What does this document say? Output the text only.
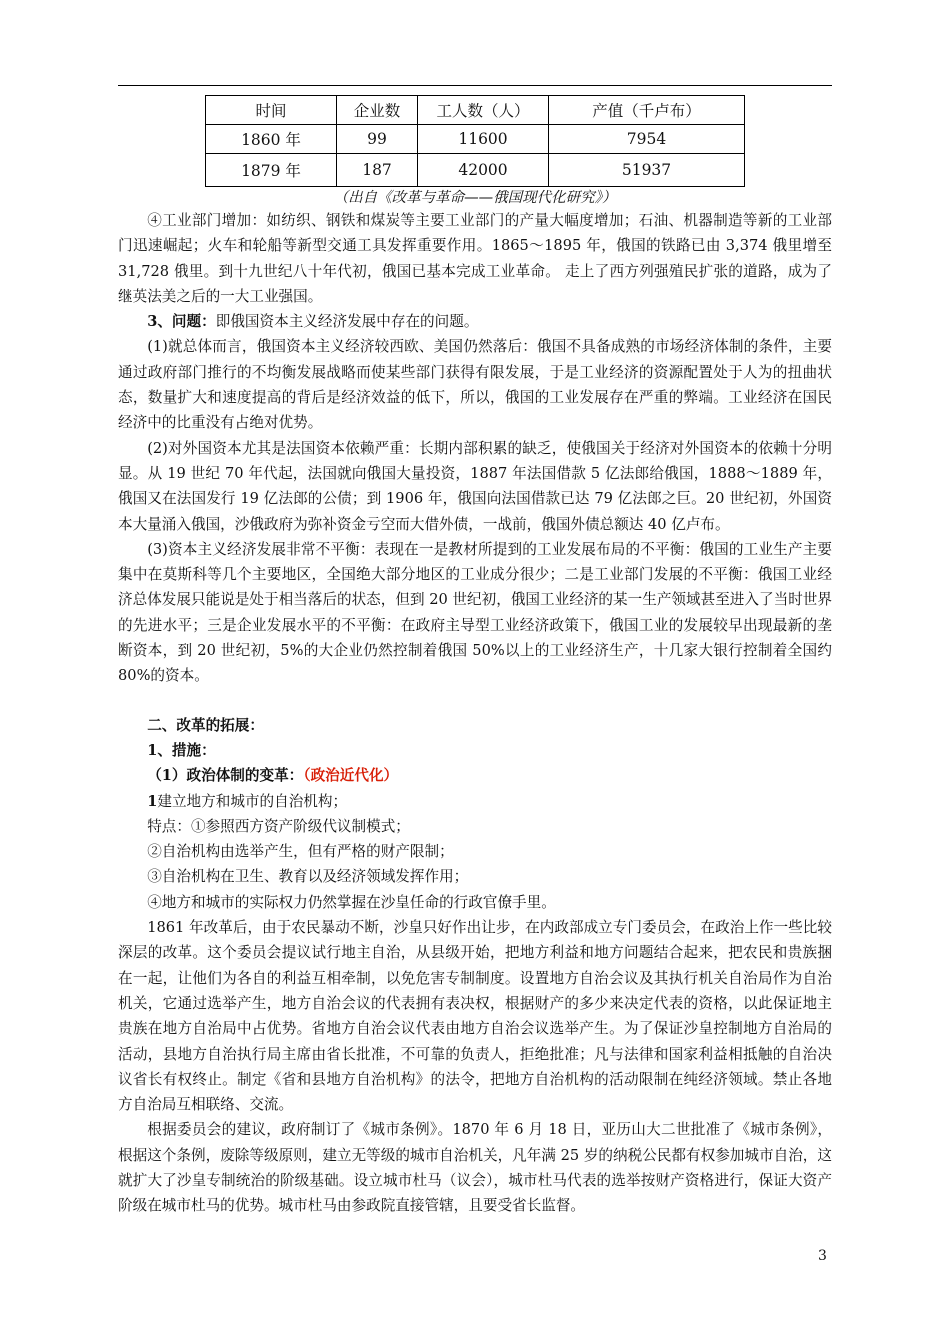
时间	企业数	工人数（人）	产值（千卢布）
1860 年	99	11600	7954
1879 年	187	42000	51937
（出自《改革与革命——俄国现代化研究》）

④工业部门增加：如纺织、钢铁和煤炭等主要工业部门的产量大幅度增加；石油、机器制造等新的工业部门迅速崛起；火车和轮船等新型交通工具发挥重要作用。1865～1895 年，俄国的铁路已由 3,374 俄里增至 31,728 俄里。到十九世纪八十年代初，俄国已基本完成工业革命。 走上了西方列强殖民扩张的道路，成为了继英法美之后的一大工业强国。

3、问题：即俄国资本主义经济发展中存在的问题。

(1)就总体而言，俄国资本主义经济较西欧、美国仍然落后：俄国不具备成熟的市场经济体制的条件，主要通过政府部门推行的不均衡发展战略而使某些部门获得有限发展，于是工业经济的资源配置处于人为的扭曲状态，数量扩大和速度提高的背后是经济效益的低下，所以，俄国的工业发展存在严重的弊端。工业经济在国民经济中的比重没有占绝对优势。

(2)对外国资本尤其是法国资本依赖严重：长期内部积累的缺乏，使俄国关于经济对外国资本的依赖十分明显。从 19 世纪 70 年代起，法国就向俄国大量投资，1887 年法国借款 5 亿法郎给俄国，1888～1889 年，俄国又在法国发行 19 亿法郎的公债；到 1906 年，俄国向法国借款已达 79 亿法郎之巨。20 世纪初，外国资本大量涌入俄国，沙俄政府为弥补资金亏空而大借外债，一战前，俄国外债总额达 40 亿卢布。

(3)资本主义经济发展非常不平衡：表现在一是教材所提到的工业发展布局的不平衡：俄国的工业生产主要集中在莫斯科等几个主要地区，全国绝大部分地区的工业成分很少；二是工业部门发展的不平衡：俄国工业经济总体发展只能说是处于相当落后的状态，但到 20 世纪初，俄国工业经济的某一生产领域甚至进入了当时世界的先进水平；三是企业发展水平的不平衡：在政府主导型工业经济政策下，俄国工业的发展较早出现最新的垄断资本，到 20 世纪初，5%的大企业仍然控制着俄国 50%以上的工业经济生产，十几家大银行控制着全国约 80%的资本。

二、改革的拓展：

1、措施：

（1）政治体制的变革：（政治近代化）

1建立地方和城市的自治机构；

特点：①参照西方资产阶级代议制模式；

②自治机构由选举产生，但有严格的财产限制；

③自治机构在卫生、教育以及经济领域发挥作用；

④地方和城市的实际权力仍然掌握在沙皇任命的行政官僚手里。

1861 年改革后，由于农民暴动不断，沙皇只好作出让步，在内政部成立专门委员会，在政治上作一些比较深层的改革。这个委员会提议试行地主自治，从县级开始，把地方利益和地方问题结合起来，把农民和贵族捆在一起，让他们为各自的利益互相牵制，以免危害专制制度。设置地方自治会议及其执行机关自治局作为自治机关，它通过选举产生，地方自治会议的代表拥有表决权，根据财产的多少来决定代表的资格，以此保证地主贵族在地方自治局中占优势。省地方自治会议代表由地方自治会议选举产生。为了保证沙皇控制地方自治局的活动，县地方自治执行局主席由省长批准，不可靠的负责人，拒绝批准；凡与法律和国家利益相抵触的自治决议省长有权终止。制定《省和县地方自治机构》的法令，把地方自治机构的活动限制在纯经济领域。禁止各地方自治局互相联络、交流。

根据委员会的建议，政府制订了《城市条例》。1870 年 6 月 18 日，亚历山大二世批准了《城市条例》，根据这个条例，废除等级原则，建立无等级的城市自治机关，凡年满 25 岁的纳税公民都有权参加城市自治，这就扩大了沙皇专制统治的阶级基础。设立城市杜马（议会），城市杜马代表的选举按财产资格进行，保证大资产阶级在城市杜马的优势。城市杜马由参政院直接管辖，且要受省长监督。

3
